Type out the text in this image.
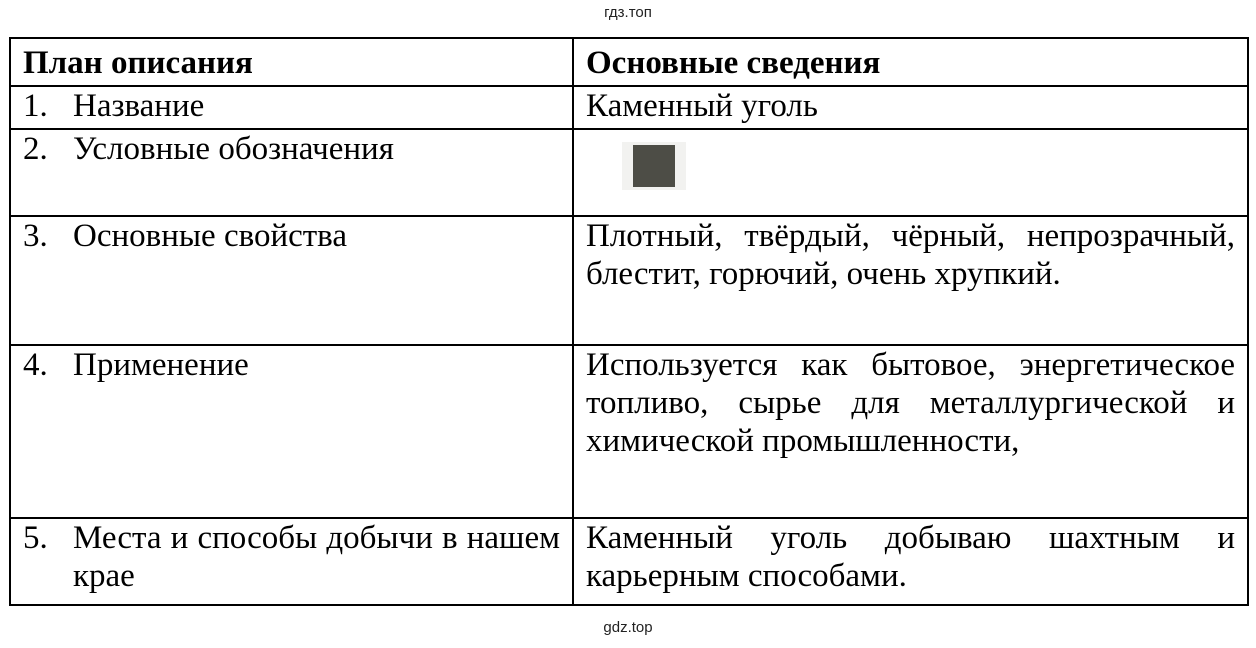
гдз.топ
План описания	Основные сведения

1. Название	Каменный уголь

2. Условные обозначения	

3. Основные свойства	Плотный, твёрдый, чёрный, непрозрачный, блестит, горючий, очень хрупкий.

4. Применение	Используется как бытовое, энергетическое топливо, сырье для металлургической и химической промышленности,

5. Места и способы добычи в нашем крае	Каменный уголь добываю шахтным и карьерным способами.
gdz.top
